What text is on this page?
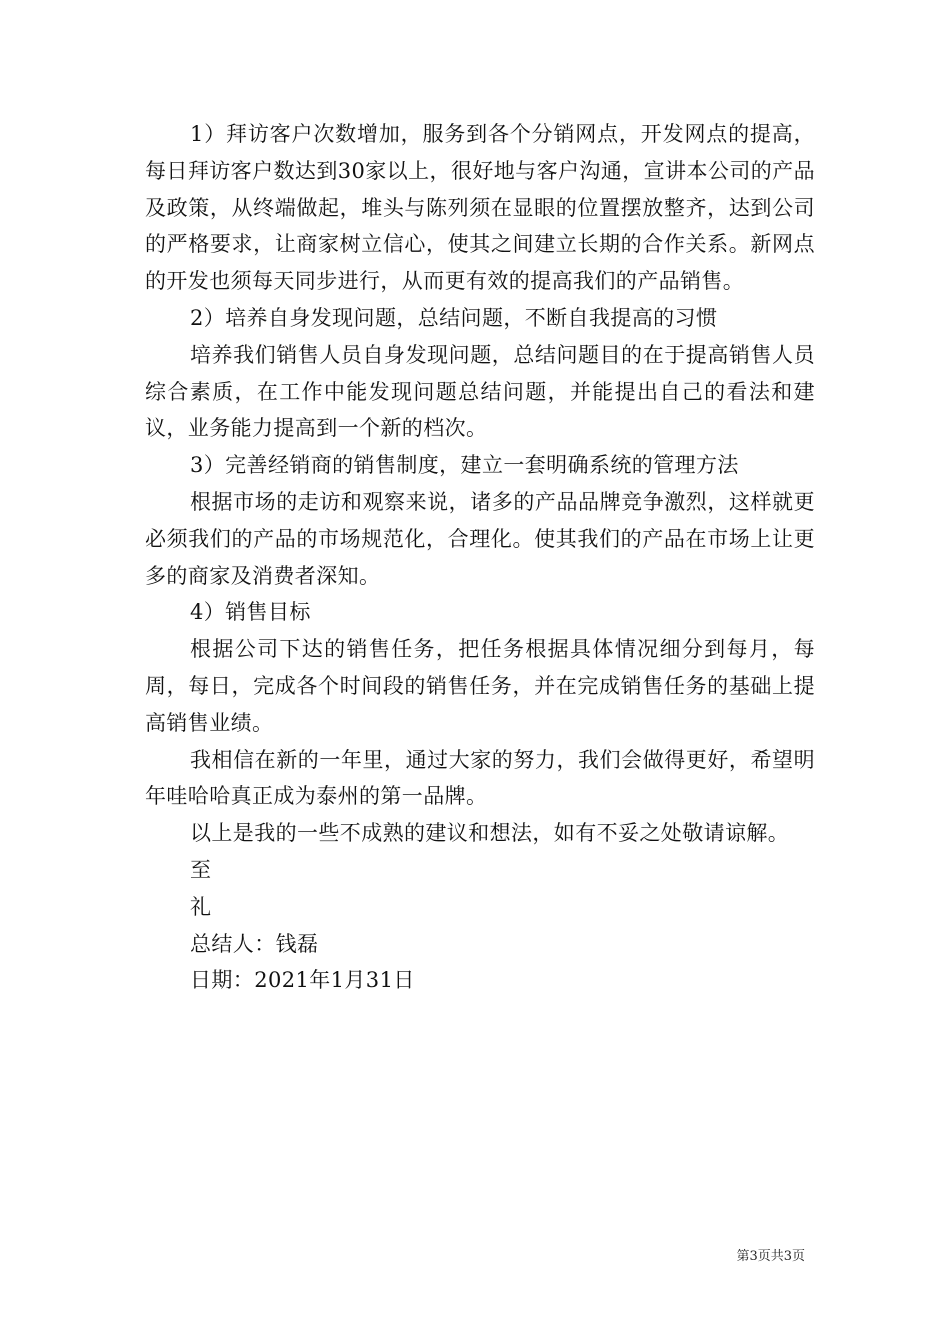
1）拜访客户次数增加，服务到各个分销网点，开发网点的提高，每日拜访客户数达到30家以上，很好地与客户沟通，宣讲本公司的产品及政策，从终端做起，堆头与陈列须在显眼的位置摆放整齐，达到公司的严格要求，让商家树立信心，使其之间建立长期的合作关系。新网点的开发也须每天同步进行，从而更有效的提高我们的产品销售。

2）培养自身发现问题，总结问题，不断自我提高的习惯

培养我们销售人员自身发现问题，总结问题目的在于提高销售人员综合素质，在工作中能发现问题总结问题，并能提出自己的看法和建议，业务能力提高到一个新的档次。

3）完善经销商的销售制度，建立一套明确系统的管理方法

根据市场的走访和观察来说，诸多的产品品牌竞争激烈，这样就更必须我们的产品的市场规范化，合理化。使其我们的产品在市场上让更多的商家及消费者深知。

4）销售目标

根据公司下达的销售任务，把任务根据具体情况细分到每月，每周，每日，完成各个时间段的销售任务，并在完成销售任务的基础上提高销售业绩。

我相信在新的一年里，通过大家的努力，我们会做得更好，希望明年哇哈哈真正成为泰州的第一品牌。

以上是我的一些不成熟的建议和想法，如有不妥之处敬请谅解。

至

礼

总结人：钱磊

日期：2021年1月31日

第3页共3页
